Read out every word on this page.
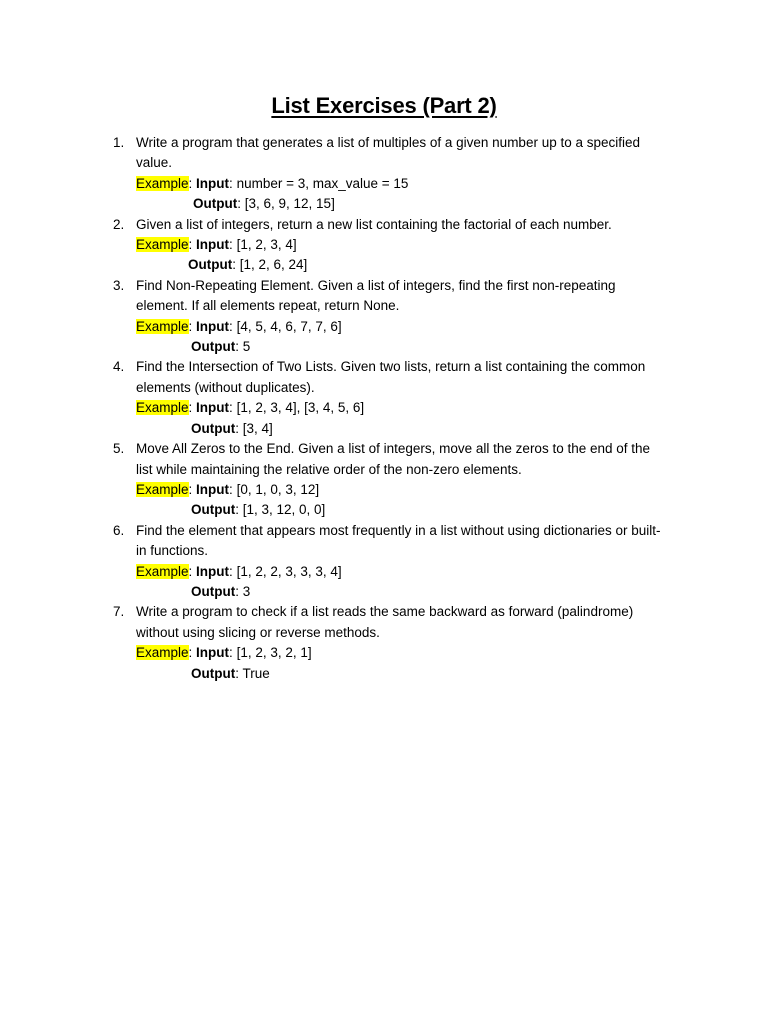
List Exercises (Part 2)
1. Write a program that generates a list of multiples of a given number up to a specified value.
Example: Input: number = 3, max_value = 15
Output: [3, 6, 9, 12, 15]
2. Given a list of integers, return a new list containing the factorial of each number.
Example: Input: [1, 2, 3, 4]
Output: [1, 2, 6, 24]
3. Find Non-Repeating Element. Given a list of integers, find the first non-repeating element. If all elements repeat, return None.
Example: Input: [4, 5, 4, 6, 7, 7, 6]
Output: 5
4. Find the Intersection of Two Lists. Given two lists, return a list containing the common elements (without duplicates).
Example: Input: [1, 2, 3, 4], [3, 4, 5, 6]
Output: [3, 4]
5. Move All Zeros to the End. Given a list of integers, move all the zeros to the end of the list while maintaining the relative order of the non-zero elements.
Example: Input: [0, 1, 0, 3, 12]
Output: [1, 3, 12, 0, 0]
6. Find the element that appears most frequently in a list without using dictionaries or built-in functions.
Example: Input: [1, 2, 2, 3, 3, 3, 4]
Output: 3
7. Write a program to check if a list reads the same backward as forward (palindrome) without using slicing or reverse methods.
Example: Input: [1, 2, 3, 2, 1]
Output: True
